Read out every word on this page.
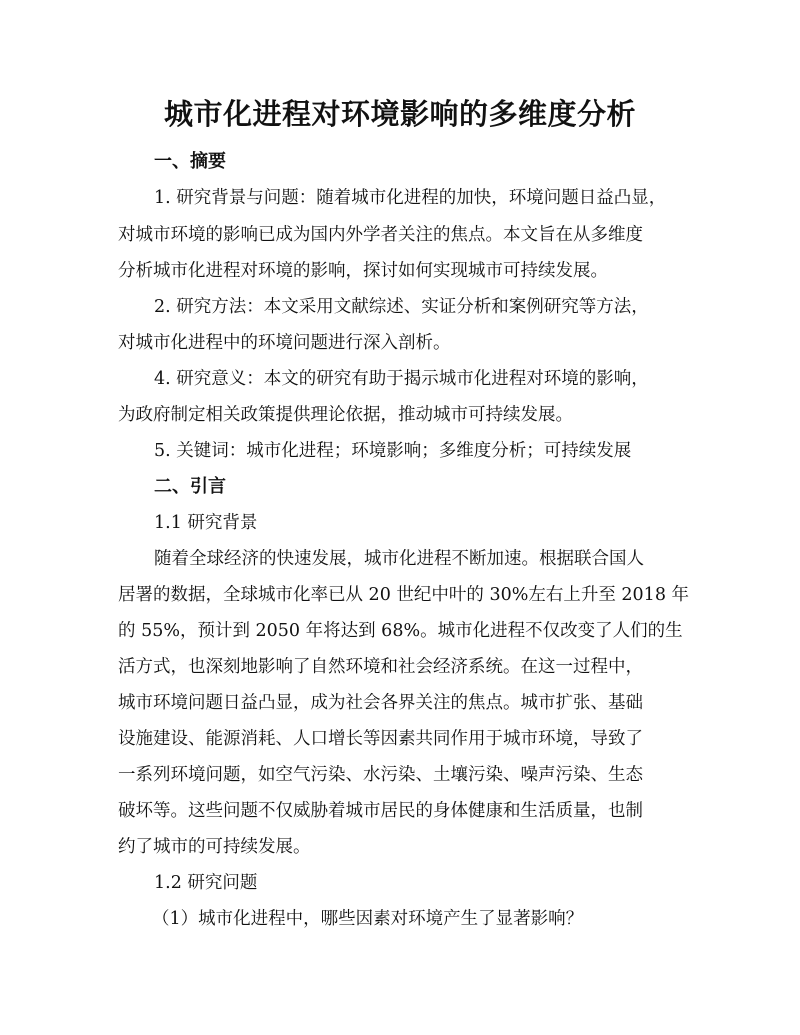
城市化进程对环境影响的多维度分析
一、摘要
1. 研究背景与问题：随着城市化进程的加快，环境问题日益凸显，
对城市环境的影响已成为国内外学者关注的焦点。本文旨在从多维度
分析城市化进程对环境的影响，探讨如何实现城市可持续发展。
2. 研究方法：本文采用文献综述、实证分析和案例研究等方法，
对城市化进程中的环境问题进行深入剖析。
4. 研究意义：本文的研究有助于揭示城市化进程对环境的影响，
为政府制定相关政策提供理论依据，推动城市可持续发展。
5. 关键词：城市化进程；环境影响；多维度分析；可持续发展
二、引言
1.1 研究背景
随着全球经济的快速发展，城市化进程不断加速。根据联合国人
居署的数据，全球城市化率已从 20 世纪中叶的 30%左右上升至 2018 年
的 55%，预计到 2050 年将达到 68%。城市化进程不仅改变了人们的生
活方式，也深刻地影响了自然环境和社会经济系统。在这一过程中，
城市环境问题日益凸显，成为社会各界关注的焦点。城市扩张、基础
设施建设、能源消耗、人口增长等因素共同作用于城市环境，导致了
一系列环境问题，如空气污染、水污染、土壤污染、噪声污染、生态
破坏等。这些问题不仅威胁着城市居民的身体健康和生活质量，也制
约了城市的可持续发展。
1.2 研究问题
（1）城市化进程中，哪些因素对环境产生了显著影响？
